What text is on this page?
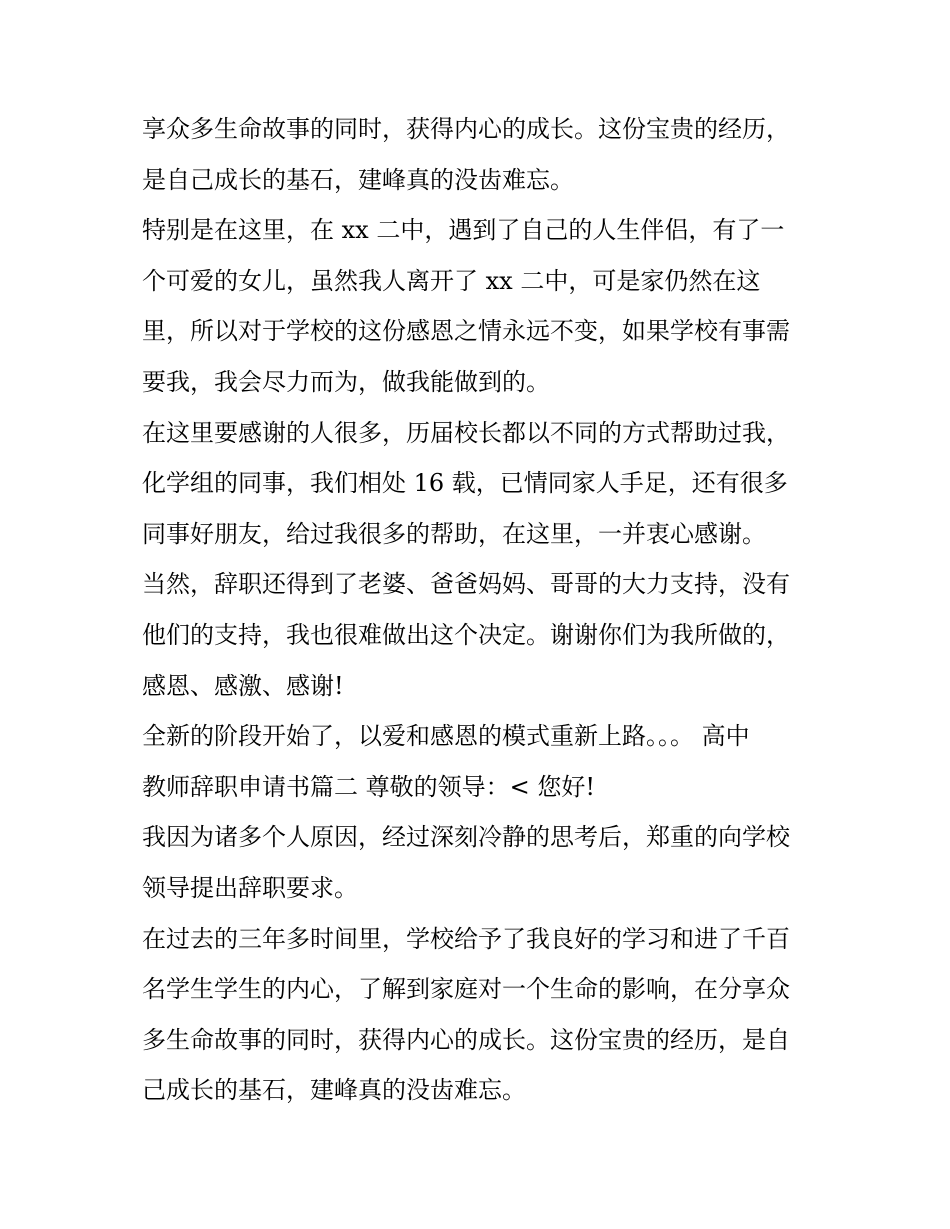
享众多生命故事的同时，获得内心的成长。这份宝贵的经历，
是自己成长的基石，建峰真的没齿难忘。
特别是在这里，在 xx 二中，遇到了自己的人生伴侣，有了一
个可爱的女儿，虽然我人离开了 xx 二中，可是家仍然在这
里，所以对于学校的这份感恩之情永远不变，如果学校有事需
要我，我会尽力而为，做我能做到的。
在这里要感谢的人很多，历届校长都以不同的方式帮助过我，
化学组的同事，我们相处 16 载，已情同家人手足，还有很多
同事好朋友，给过我很多的帮助，在这里，一并衷心感谢。
当然，辞职还得到了老婆、爸爸妈妈、哥哥的大力支持，没有
他们的支持，我也很难做出这个决定。谢谢你们为我所做的，
感恩、感激、感谢!
全新的阶段开始了，以爱和感恩的模式重新上路。。。 高中
教师辞职申请书篇二 尊敬的领导：< 您好!
我因为诸多个人原因，经过深刻冷静的思考后，郑重的向学校
领导提出辞职要求。
在过去的三年多时间里，学校给予了我良好的学习和进了千百
名学生学生的内心，了解到家庭对一个生命的影响，在分享众
多生命故事的同时，获得内心的成长。这份宝贵的经历，是自
己成长的基石，建峰真的没齿难忘。
